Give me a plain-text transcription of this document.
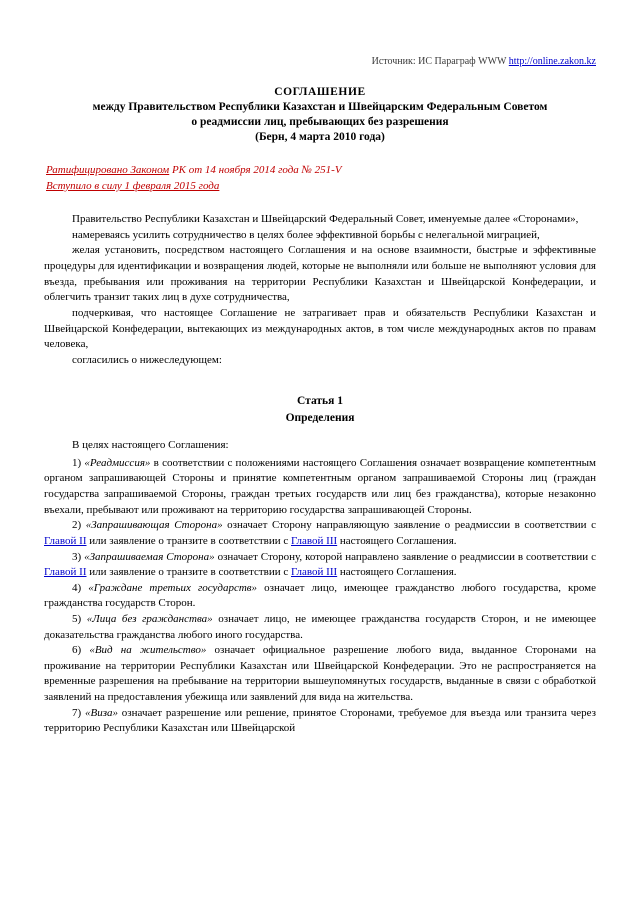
Источник: ИС Параграф WWW http://online.zakon.kz
СОГЛАШЕНИЕ
между Правительством Республики Казахстан и Швейцарским Федеральным Советом
о реадмиссии лиц, пребывающих без разрешения
(Берн, 4 марта 2010 года)
Ратифицировано Законом РК от 14 ноября 2014 года № 251-V
Вступило в силу 1 февраля 2015 года

Правительство Республики Казахстан и Швейцарский Федеральный Совет, именуемые далее «Сторонами»,

намереваясь усилить сотрудничество в целях более эффективной борьбы с нелегальной миграцией,

желая установить, посредством настоящего Соглашения и на основе взаимности, быстрые и эффективные процедуры для идентификации и возвращения людей, которые не выполняли или больше не выполняют условия для въезда, пребывания или проживания на территории Республики Казахстан и Швейцарской Конфедерации, и облегчить транзит таких лиц в духе сотрудничества,

подчеркивая, что настоящее Соглашение не затрагивает прав и обязательств Республики Казахстан и Швейцарской Конфедерации, вытекающих из международных актов, в том числе международных актов по правам человека,

согласились о нижеследующем:

Статья 1
Определения

В целях настоящего Соглашения:

1) «Реадмиссия» в соответствии с положениями настоящего Соглашения означает возвращение компетентным органом запрашивающей Стороны и принятие компетентным органом запрашиваемой Стороны лиц (граждан государства запрашиваемой Стороны, граждан третьих государств или лиц без гражданства), которые незаконно въехали, пребывают или проживают на территорию государства запрашивающей Стороны.

2) «Запрашивающая Сторона» означает Сторону направляющую заявление о реадмиссии в соответствии с Главой II или заявление о транзите в соответствии с Главой III настоящего Соглашения.

3) «Запрашиваемая Сторона» означает Сторону, которой направлено заявление о реадмиссии в соответствии с Главой II или заявление о транзите в соответствии с Главой III настоящего Соглашения.

4) «Граждане третьих государств» означает лицо, имеющее гражданство любого государства, кроме гражданства государств Сторон.

5) «Лица без гражданства» означает лицо, не имеющее гражданства государств Сторон, и не имеющее доказательства гражданства любого иного государства.

6) «Вид на жительство» означает официальное разрешение любого вида, выданное Сторонами на проживание на территории Республики Казахстан или Швейцарской Конфедерации. Это не распространяется на временные разрешения на пребывание на территории вышеупомянутых государств, выданные в связи с обработкой заявлений на предоставления убежища или заявлений для вида на жительства.

7) «Виза» означает разрешение или решение, принятое Сторонами, требуемое для въезда или транзита через территорию Республики Казахстан или Швейцарской
